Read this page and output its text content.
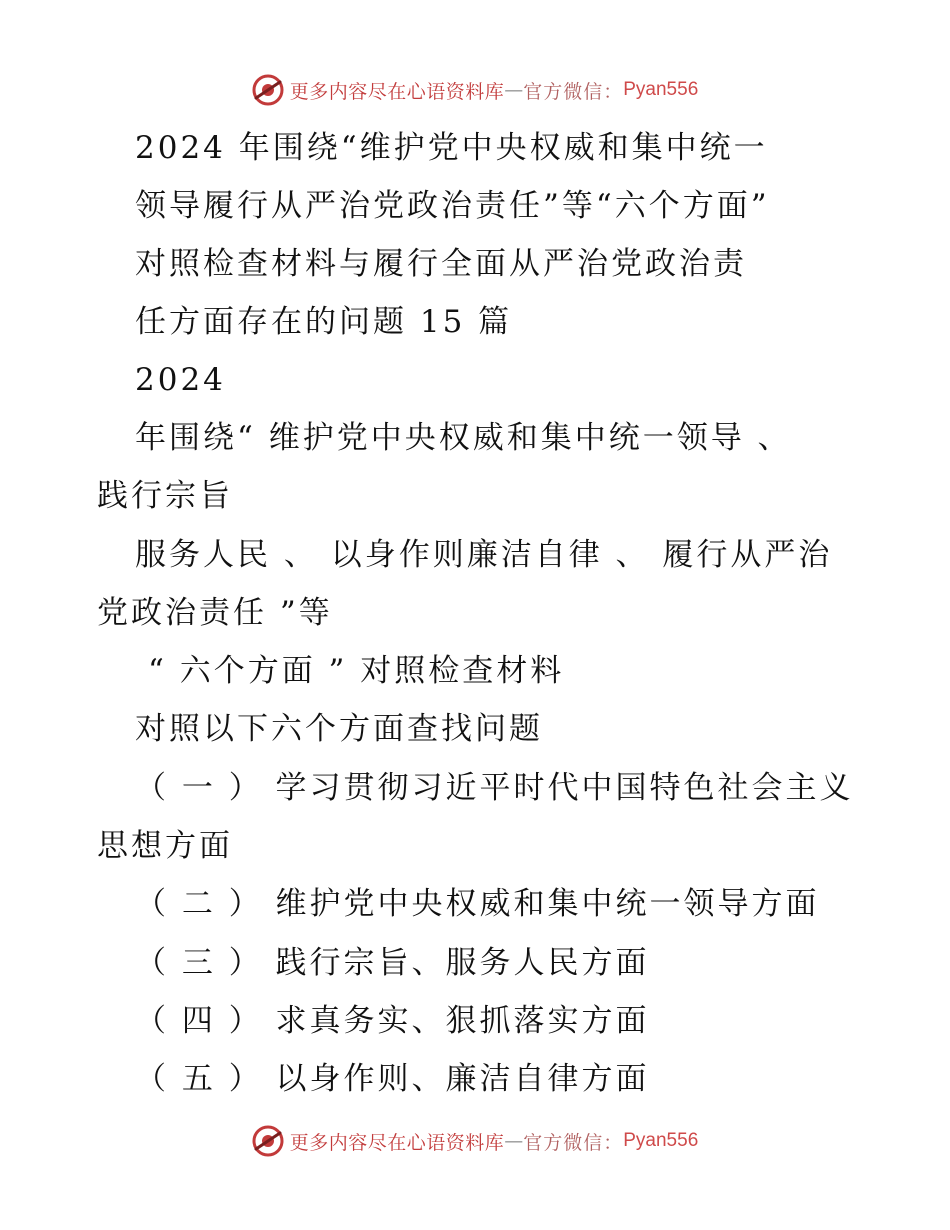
更多内容尽在心语资料库 — 官方微信： Pyan556
2024 年围绕“维护党中央权威和集中统一
领导履行从严治党政治责任”等“六个方面”
对照检查材料与履行全面从严治党政治责
任方面存在的问题 15 篇
2024
年围绕“ 维护党中央权威和集中统一领导 、
践行宗旨
服务人民 、 以身作则廉洁自律 、 履行从严治
党政治责任 ”等
“ 六个方面 ” 对照检查材料
对照以下六个方面查找问题
（ 一 ） 学习贯彻习近平时代中国特色社会主义
思想方面
（ 二 ） 维护党中央权威和集中统一领导方面
（ 三 ） 践行宗旨、服务人民方面
（ 四 ） 求真务实、狠抓落实方面
（ 五 ） 以身作则、廉洁自律方面
更多内容尽在心语资料库 — 官方微信： Pyan556
